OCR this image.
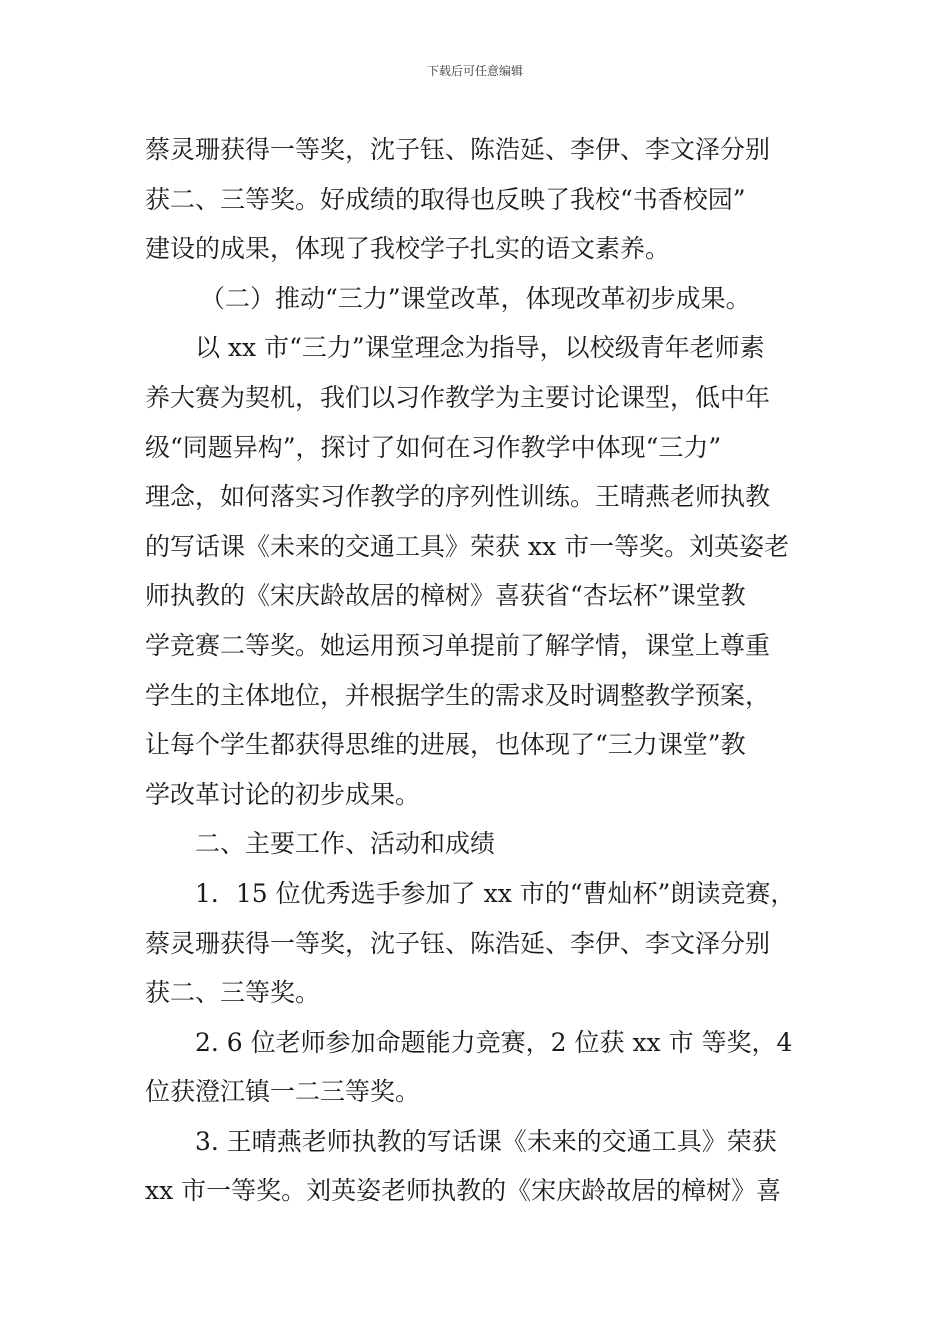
下载后可任意编辑
蔡灵珊获得一等奖，沈子钰、陈浩延、李伊、李文泽分别
获二、三等奖。好成绩的取得也反映了我校“书香校园”
建设的成果，体现了我校学子扎实的语文素养。
（二）推动“三力”课堂改革，体现改革初步成果。
以 xx 市“三力”课堂理念为指导，以校级青年老师素
养大赛为契机，我们以习作教学为主要讨论课型，低中年
级“同题异构”，探讨了如何在习作教学中体现“三力”
理念，如何落实习作教学的序列性训练。王晴燕老师执教
的写话课《未来的交通工具》荣获 xx 市一等奖。刘英姿老
师执教的《宋庆龄故居的樟树》喜获省“杏坛杯”课堂教
学竞赛二等奖。她运用预习单提前了解学情，课堂上尊重
学生的主体地位，并根据学生的需求及时调整教学预案，
让每个学生都获得思维的进展，也体现了“三力课堂”教
学改革讨论的初步成果。
二、主要工作、活动和成绩
1．15 位优秀选手参加了 xx 市的“曹灿杯”朗读竞赛，
蔡灵珊获得一等奖，沈子钰、陈浩延、李伊、李文泽分别
获二、三等奖。
2. 6 位老师参加命题能力竞赛，2 位获 xx 市 等奖，4
位获澄江镇一二三等奖。
3. 王晴燕老师执教的写话课《未来的交通工具》荣获
xx 市一等奖。刘英姿老师执教的《宋庆龄故居的樟树》喜
